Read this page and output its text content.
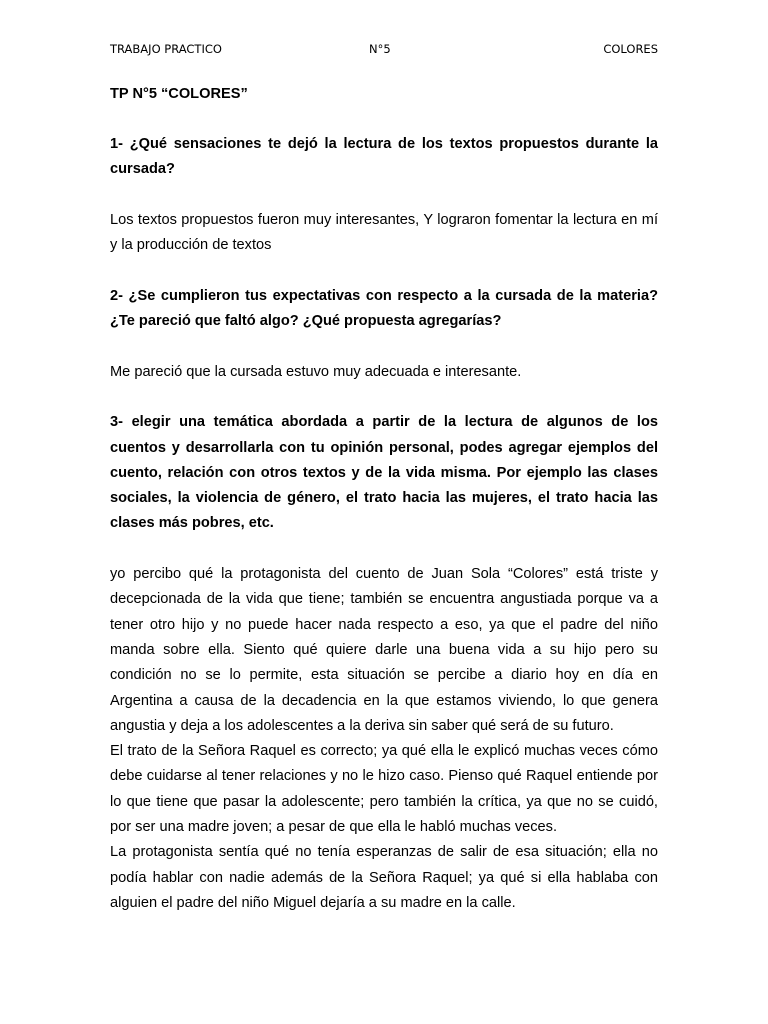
TRABAJO PRACTICO	N°5	COLORES

TP N°5 “COLORES”

1- ¿Qué sensaciones te dejó la lectura de los textos propuestos durante la cursada?

Los textos propuestos fueron muy interesantes, Y lograron fomentar la lectura en mí y la producción de textos

2- ¿Se cumplieron tus expectativas con respecto a la cursada de la materia? ¿Te pareció que faltó algo? ¿Qué propuesta agregarías?

Me pareció que la cursada estuvo muy adecuada e interesante.

3- elegir una temática abordada a partir de la lectura de algunos de los cuentos y desarrollarla con tu opinión personal, podes agregar ejemplos del cuento, relación con otros textos y de la vida misma. Por ejemplo las clases sociales, la violencia de género, el trato hacia las mujeres, el trato hacia las clases más pobres, etc.

yo percibo qué la protagonista del cuento de Juan Sola “Colores” está triste y decepcionada de la vida que tiene; también se encuentra angustiada porque va a tener otro hijo y no puede hacer nada respecto a eso, ya que el padre del niño manda sobre ella. Siento qué quiere darle una buena vida a su hijo pero su condición no se lo permite, esta situación se percibe a diario hoy en día en Argentina a causa de la decadencia en la que estamos viviendo, lo que genera angustia y deja a los adolescentes a la deriva sin saber qué será de su futuro.

El trato de la Señora Raquel es correcto; ya qué ella le explicó muchas veces cómo debe cuidarse al tener relaciones y no le hizo caso. Pienso qué Raquel entiende por lo que tiene que pasar la adolescente; pero también la crítica, ya que no se cuidó, por ser una madre joven; a pesar de que ella le habló muchas veces.

La protagonista sentía qué no tenía esperanzas de salir de esa situación; ella no podía hablar con nadie además de la Señora Raquel; ya qué si ella hablaba con alguien el padre del niño Miguel dejaría a su madre en la calle.
